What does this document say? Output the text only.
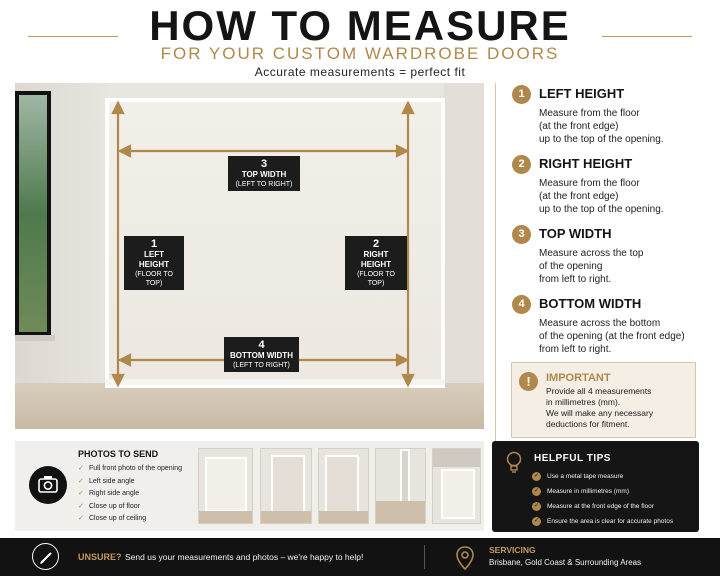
HOW TO MEASURE
FOR YOUR CUSTOM WARDROBE DOORS
Accurate measurements = perfect fit
3
TOP WIDTH
(LEFT TO RIGHT)
1
LEFT HEIGHT
(FLOOR TO TOP)
2
RIGHT HEIGHT
(FLOOR TO TOP)
4
BOTTOM WIDTH
(LEFT TO RIGHT)
1	LEFT HEIGHT
Measure from the floor
(at the front edge)
up to the top of the opening.
2	RIGHT HEIGHT
Measure from the floor
(at the front edge)
up to the top of the opening.
3	TOP WIDTH
Measure across the top
of the opening
from left to right.
4	BOTTOM WIDTH
Measure across the bottom
of the opening (at the front edge)
from left to right.
!	IMPORTANT
Provide all 4 measurements
in millimetres (mm).
We will make any necessary
deductions for fitment.
PHOTOS TO SEND
✓ Full front photo of the opening
✓ Left side angle
✓ Right side angle
✓ Close up of floor
✓ Close up of ceiling
HELPFUL TIPS
✓	Use a metal tape measure
✓	Measure in millimetres (mm)
✓	Measure at the front edge of the floor
✓	Ensure the area is clear for accurate photos
UNSURE? Send us your measurements and photos – we're happy to help!
SERVICING
Brisbane, Gold Coast & Surrounding Areas
